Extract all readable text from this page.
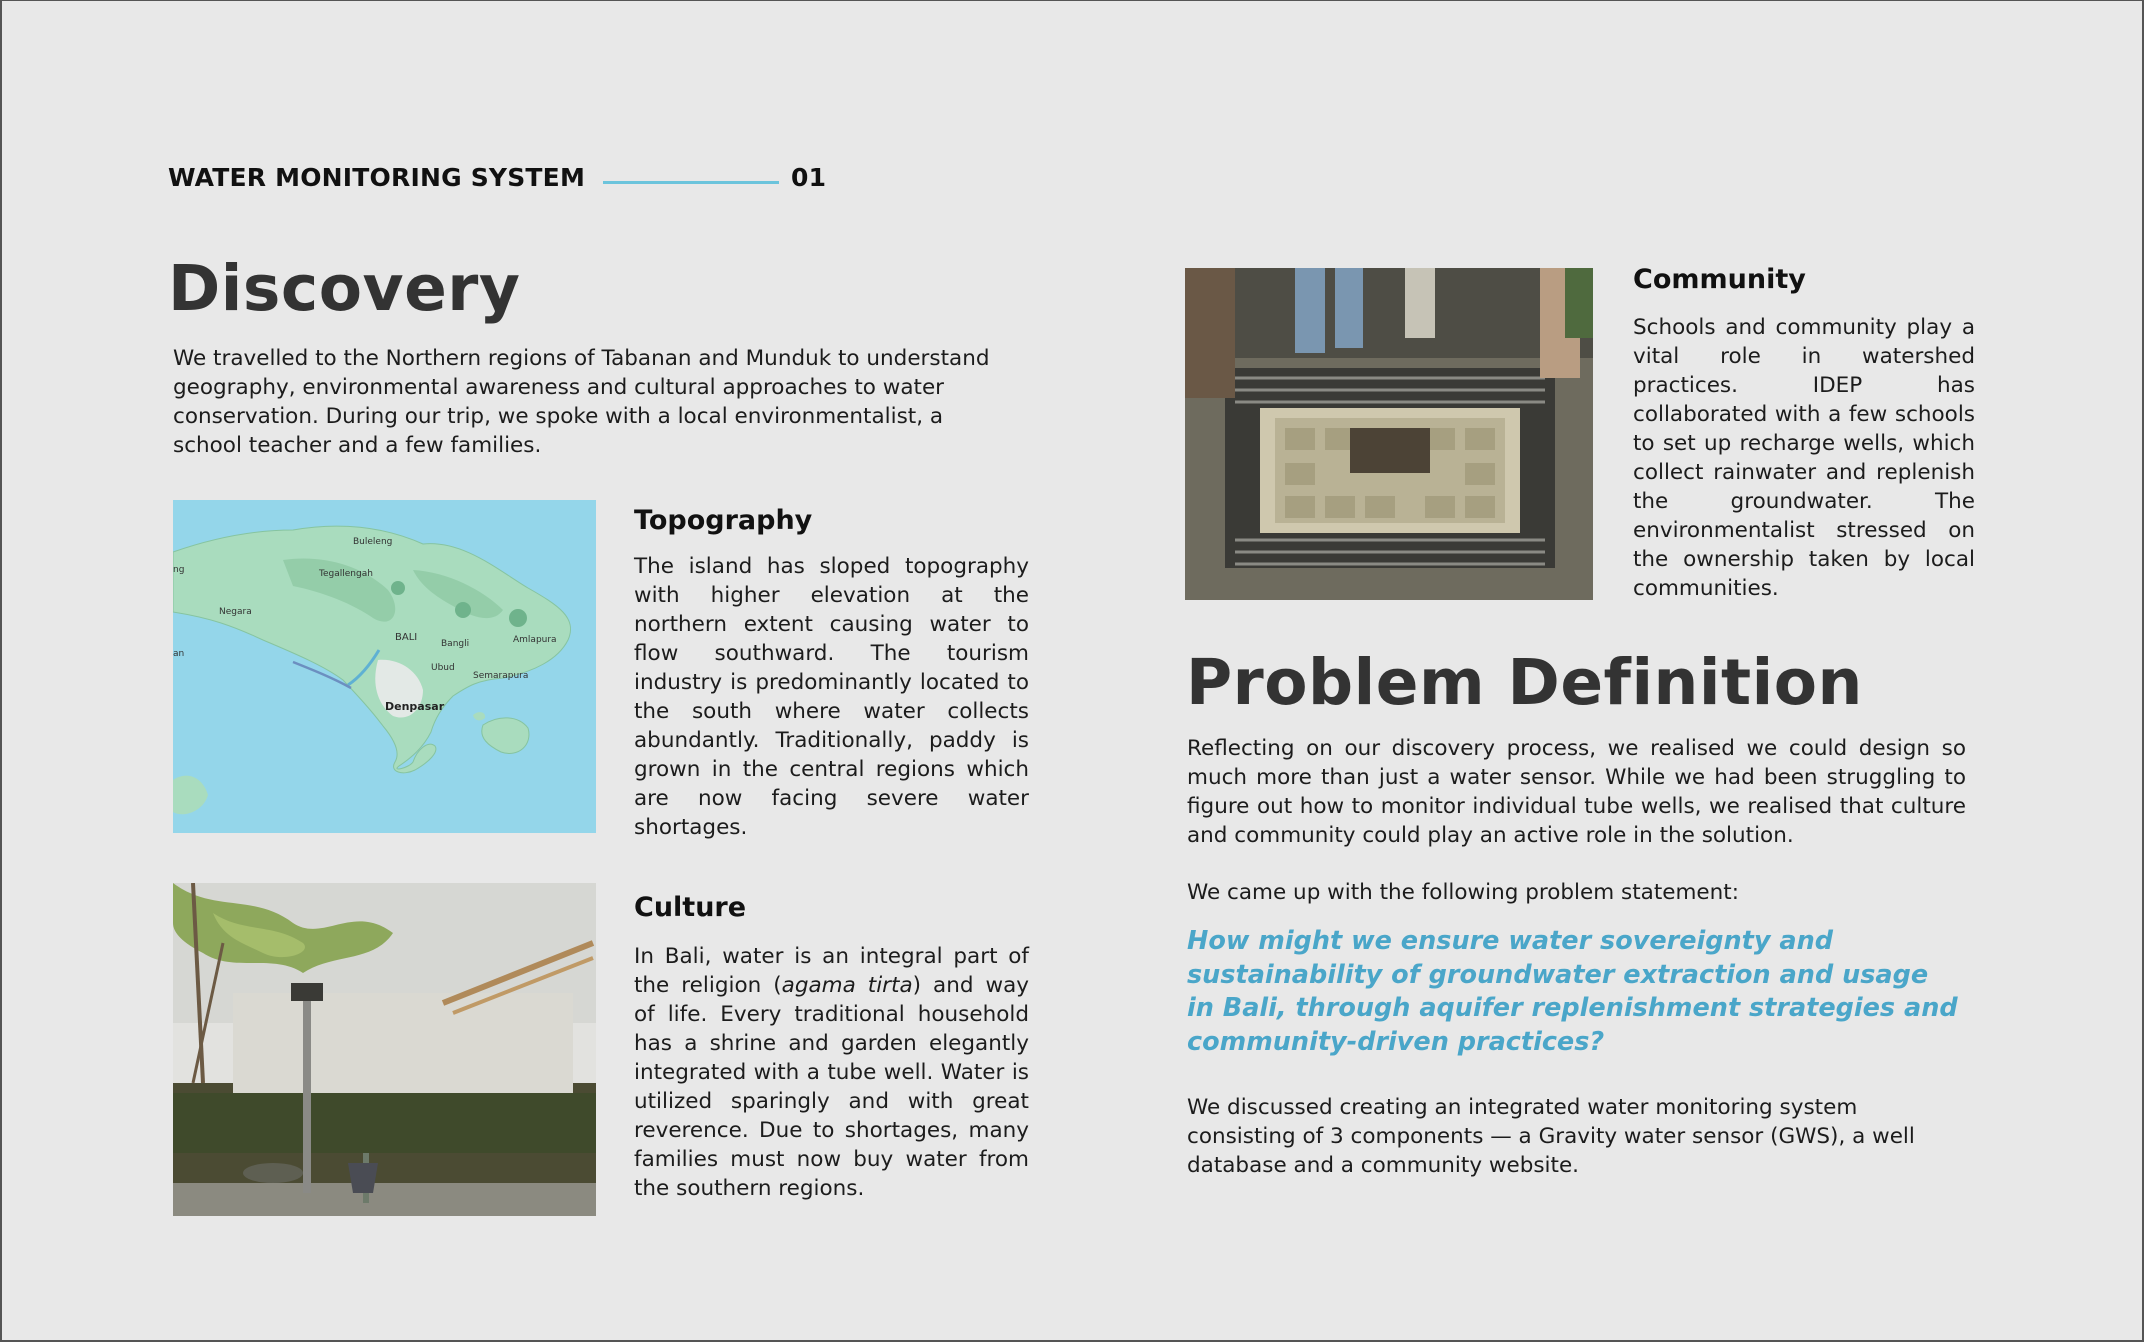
WATER MONITORING SYSTEM	01
Discovery

We travelled to the Northern regions of Tabanan and Munduk to understand geography, environmental awareness and cultural approaches to water conservation. During our trip, we spoke with a local environmentalist, a school teacher and a few families.

Buleleng
Tegallengah
Negara
BALI
Bangli	Amlapura
Ubud
Semarapura
Denpasar
ng
an
Topography

The island has sloped topography with higher elevation at the northern extent causing water to flow southward. The tourism industry is predominantly located to the south where water collects abundantly. Traditionally, paddy is grown in the central regions which are now facing severe water shortages.

Culture

In Bali, water is an integral part of the religion (agama tirta) and way of life. Every traditional household has a shrine and garden elegantly integrated with a tube well. Water is utilized sparingly and with great reverence. Due to shortages, many families must now buy water from the southern regions.

Community

Schools and community play a vital role in watershed practices. IDEP has collaborated with a few schools to set up recharge wells, which collect rainwater and replenish the groundwater. The environmentalist stressed on the ownership taken by local communities.

Problem Definition

Reflecting on our discovery process, we realised we could design so much more than just a water sensor. While we had been struggling to figure out how to monitor individual tube wells, we realised that culture and community could play an active role in the solution.

We came up with the following problem statement:

How might we ensure water sovereignty and
sustainability of groundwater extraction and usage
in Bali, through aquifer replenishment strategies and
community-driven practices?

We discussed creating an integrated water monitoring system consisting of 3 components — a Gravity water sensor (GWS), a well database and a community website.
